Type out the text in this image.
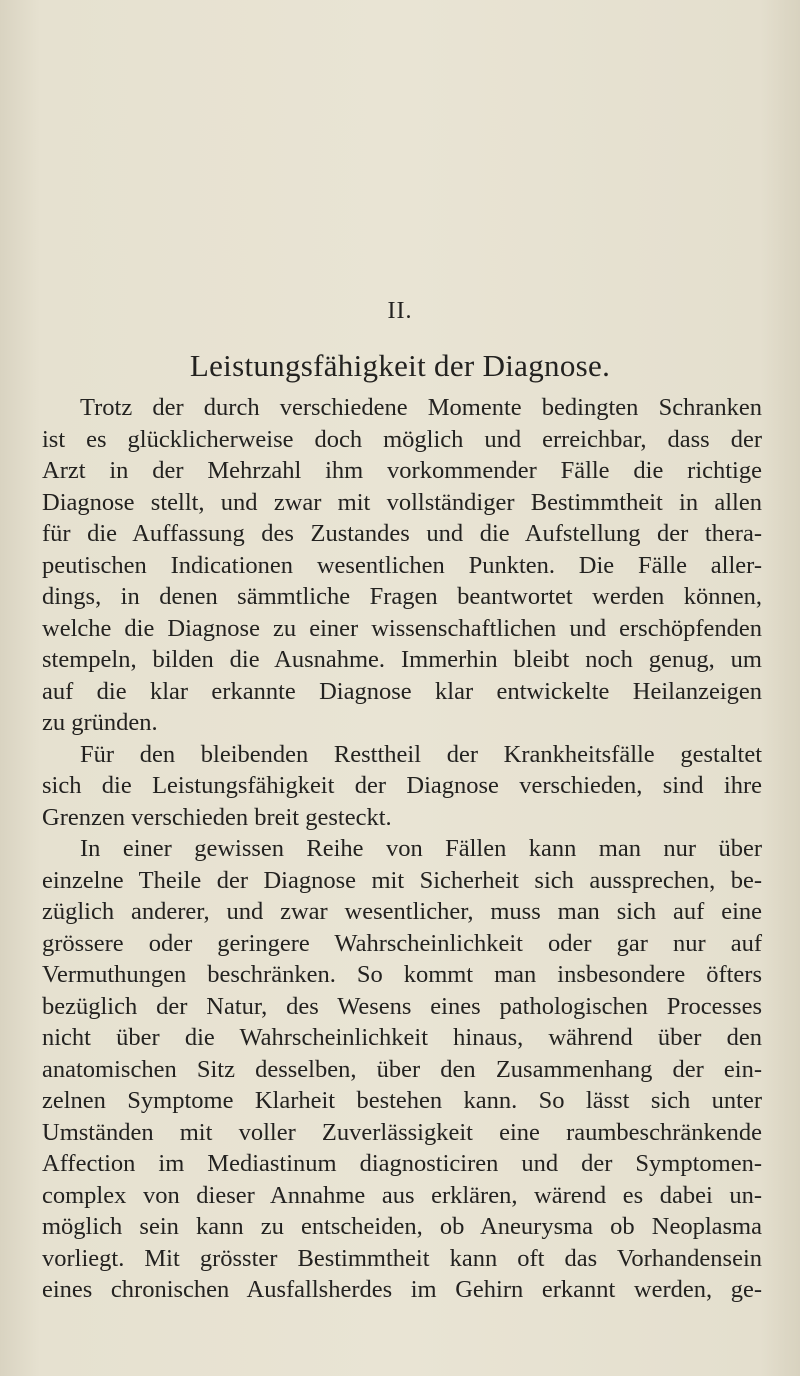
II.
Leistungsfähigkeit der Diagnose.
Trotz der durch verschiedene Momente bedingten Schranken
ist es glücklicherweise doch möglich und erreichbar, dass der
Arzt in der Mehrzahl ihm vorkommender Fälle die richtige
Diagnose stellt, und zwar mit vollständiger Bestimmtheit in allen
für die Auffassung des Zustandes und die Aufstellung der thera-
peutischen Indicationen wesentlichen Punkten. Die Fälle aller-
dings, in denen sämmtliche Fragen beantwortet werden können,
welche die Diagnose zu einer wissenschaftlichen und erschöpfenden
stempeln, bilden die Ausnahme. Immerhin bleibt noch genug, um
auf die klar erkannte Diagnose klar entwickelte Heilanzeigen
zu gründen.
Für den bleibenden Resttheil der Krankheitsfälle gestaltet
sich die Leistungsfähigkeit der Diagnose verschieden, sind ihre
Grenzen verschieden breit gesteckt.
In einer gewissen Reihe von Fällen kann man nur über
einzelne Theile der Diagnose mit Sicherheit sich aussprechen, be-
züglich anderer, und zwar wesentlicher, muss man sich auf eine
grössere oder geringere Wahrscheinlichkeit oder gar nur auf
Vermuthungen beschränken. So kommt man insbesondere öfters
bezüglich der Natur, des Wesens eines pathologischen Processes
nicht über die Wahrscheinlichkeit hinaus, während über den
anatomischen Sitz desselben, über den Zusammenhang der ein-
zelnen Symptome Klarheit bestehen kann. So lässt sich unter
Umständen mit voller Zuverlässigkeit eine raumbeschränkende
Affection im Mediastinum diagnosticiren und der Symptomen-
complex von dieser Annahme aus erklären, wärend es dabei un-
möglich sein kann zu entscheiden, ob Aneurysma ob Neoplasma
vorliegt. Mit grösster Bestimmtheit kann oft das Vorhandensein
eines chronischen Ausfallsherdes im Gehirn erkannt werden, ge-
